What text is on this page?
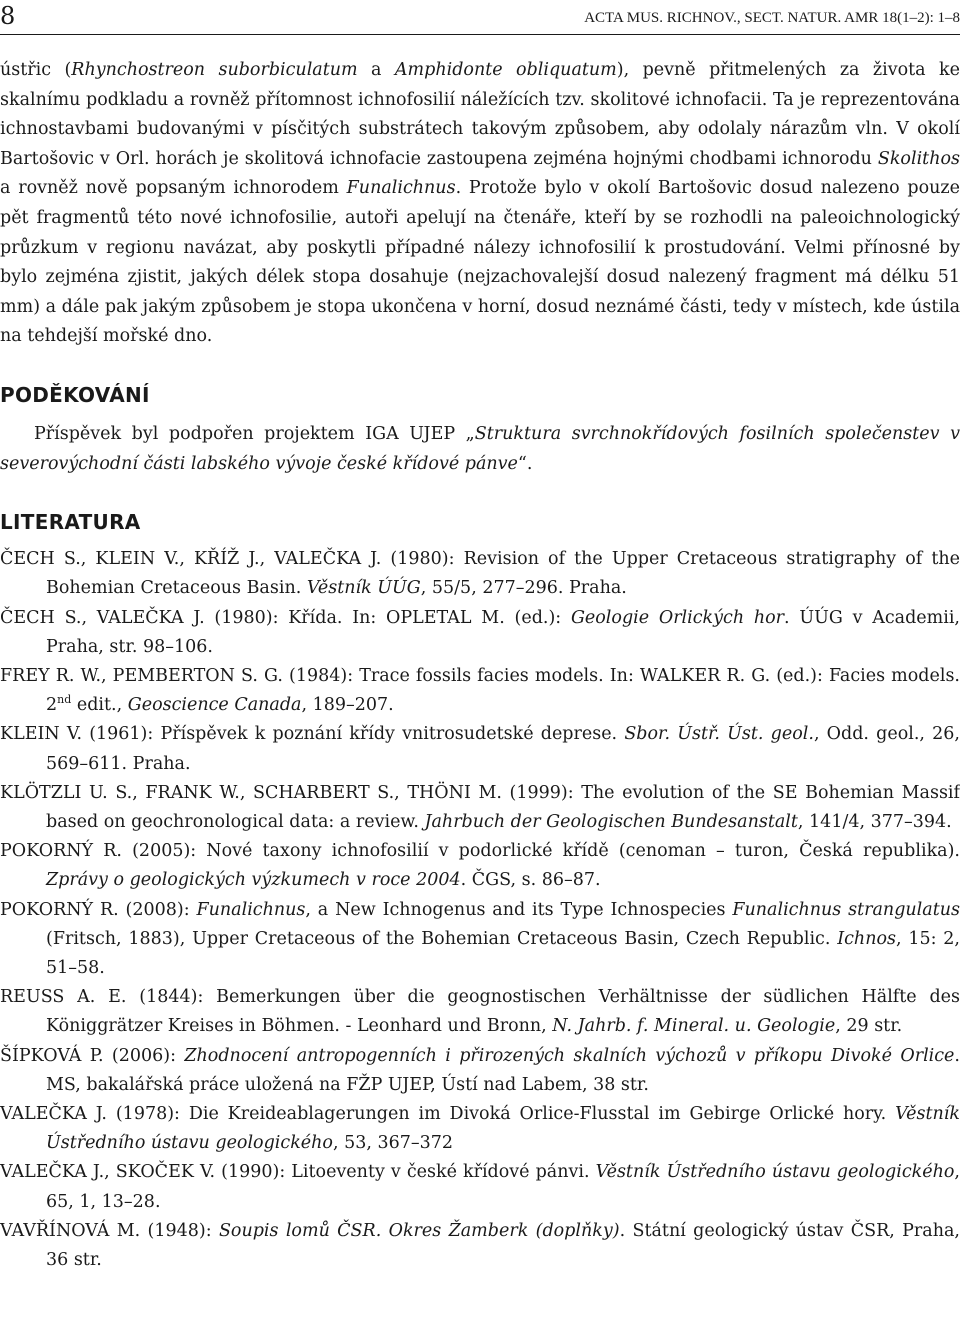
8	ACTA MUS. RICHNOV., SECT. NATUR. AMR 18(1–2): 1–8

ústřic (Rhynchostreon suborbiculatum a Amphidonte obliquatum), pevně přitmelených za života ke skalnímu podkladu a rovněž přítomnost ichnofosilií náležících tzv. skolitové ichnofacii. Ta je reprezentována ichnostavbami budovanými v písčitých substrátech takovým způsobem, aby odolaly nárazům vln. V okolí Bartošovic v Orl. horách je skolitová ichnofacie zastoupena zejména hojnými chodbami ichnorodu Skolithos a rovněž nově popsaným ichnorodem Funalichnus. Protože bylo v okolí Bartošovic dosud nalezeno pouze pět fragmentů této nové ichnofosilie, autoři apelují na čtenáře, kteří by se rozhodli na paleoichnologický průzkum v regionu navázat, aby poskytli případné nálezy ichnofosilií k prostudování. Velmi přínosné by bylo zejména zjistit, jakých délek stopa dosahuje (nejzachovalejší dosud nalezený fragment má délku 51 mm) a dále pak jakým způsobem je stopa ukončena v horní, dosud neznámé části, tedy v místech, kde ústila na tehdejší mořské dno.

PODĚKOVÁNÍ

Příspěvek byl podpořen projektem IGA UJEP „Struktura svrchnokřídových fosilních společenstev v severovýchodní části labského vývoje české křídové pánve“.

LITERATURA
ČECH S., KLEIN V., KŘÍŽ J., VALEČKA J. (1980): Revision of the Upper Cretaceous stratigraphy of the Bohemian Cretaceous Basin. Věstník ÚÚG, 55/5, 277–296. Praha.
ČECH S., VALEČKA J. (1980): Křída. In: OPLETAL M. (ed.): Geologie Orlických hor. ÚÚG v Academii, Praha, str. 98–106.
FREY R. W., PEMBERTON S. G. (1984): Trace fossils facies models. In: WALKER R. G. (ed.): Facies models. 2nd edit., Geoscience Canada, 189–207.
KLEIN V. (1961): Příspěvek k poznání křídy vnitrosudetské deprese. Sbor. Ústř. Úst. geol., Odd. geol., 26, 569–611. Praha.
KLÖTZLI U. S., FRANK W., SCHARBERT S., THÖNI M. (1999): The evolution of the SE Bohemian Massif based on geochronological data: a review. Jahrbuch der Geologischen Bundesanstalt, 141/4, 377–394.
POKORNÝ R. (2005): Nové taxony ichnofosilií v podorlické křídě (cenoman – turon, Česká republika). Zprávy o geologických výzkumech v roce 2004. ČGS, s. 86–87.
POKORNÝ R. (2008): Funalichnus, a New Ichnogenus and its Type Ichnospecies Funalichnus strangulatus (Fritsch, 1883), Upper Cretaceous of the Bohemian Cretaceous Basin, Czech Republic. Ichnos, 15: 2, 51–58.
REUSS A. E. (1844): Bemerkungen über die geognostischen Verhältnisse der südlichen Hälfte des Königgrätzer Kreises in Böhmen. - Leonhard und Bronn, N. Jahrb. f. Mineral. u. Geologie, 29 str.
ŠÍPKOVÁ P. (2006): Zhodnocení antropogenních i přirozených skalních výchozů v příkopu Divoké Orlice. MS, bakalářská práce uložená na FŽP UJEP, Ústí nad Labem, 38 str.
VALEČKA J. (1978): Die Kreideablagerungen im Divoká Orlice-Flusstal im Gebirge Orlické hory. Věstník Ústředního ústavu geologického, 53, 367–372
VALEČKA J., SKOČEK V. (1990): Litoeventy v české křídové pánvi. Věstník Ústředního ústavu geologického, 65, 1, 13–28.
VAVŘÍNOVÁ M. (1948): Soupis lomů ČSR. Okres Žamberk (doplňky). Státní geologický ústav ČSR, Praha, 36 str.
